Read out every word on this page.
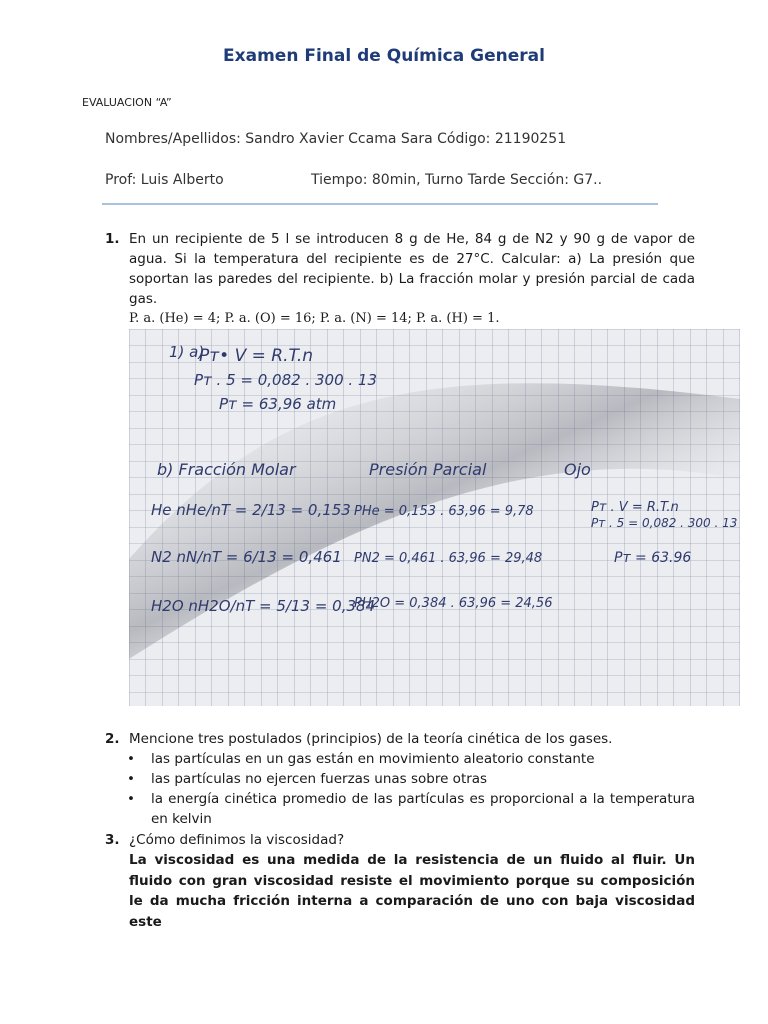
Examen Final de Química General
EVALUACION “A”
Nombres/Apellidos: Sandro Xavier Ccama Sara Código: 21190251
Prof: Luis Alberto	Tiempo: 80min, Turno Tarde Sección: G7..
1. En un recipiente de 5 l se introducen 8 g de He, 84 g de N2 y 90 g de vapor de agua. Si la temperatura del recipiente es de 27°C. Calcular: a) La presión que soportan las paredes del recipiente. b) La fracción molar y presión parcial de cada gas.
P. a. (He) = 4; P. a. (O) = 16; P. a. (N) = 14; P. a. (H) = 1.
1) a)
Pᴛ• V = R.T.n
Pᴛ . 5 = 0,082 . 300 . 13
Pᴛ = 63,96 atm
b) Fracción Molar	Presión Parcial	Ojo
He nHe/nT = 2/13 = 0,153 PHe = 0,153 . 63,96 = 9,78	Pᴛ . V = R.T.n
Pᴛ . 5 = 0,082 . 300 . 13
N2 nN/nT = 6/13 = 0,461 PN2 = 0,461 . 63,96 = 29,48	Pᴛ = 63.96
H2O nH2O/nT = 5/13 = 0,384
PH2O = 0,384 . 63,96 = 24,56
2. Mencione tres postulados (principios) de la teoría cinética de los gases.
• las partículas en un gas están en movimiento aleatorio constante
• las partículas no ejercen fuerzas unas sobre otras
• la energía cinética promedio de las partículas es proporcional a la temperatura en kelvin
3. ¿Cómo definimos la viscosidad?
La viscosidad es una medida de la resistencia de un fluido al fluir. Un fluido con gran viscosidad resiste el movimiento porque su composición le da mucha fricción interna a comparación de uno con baja viscosidad este
